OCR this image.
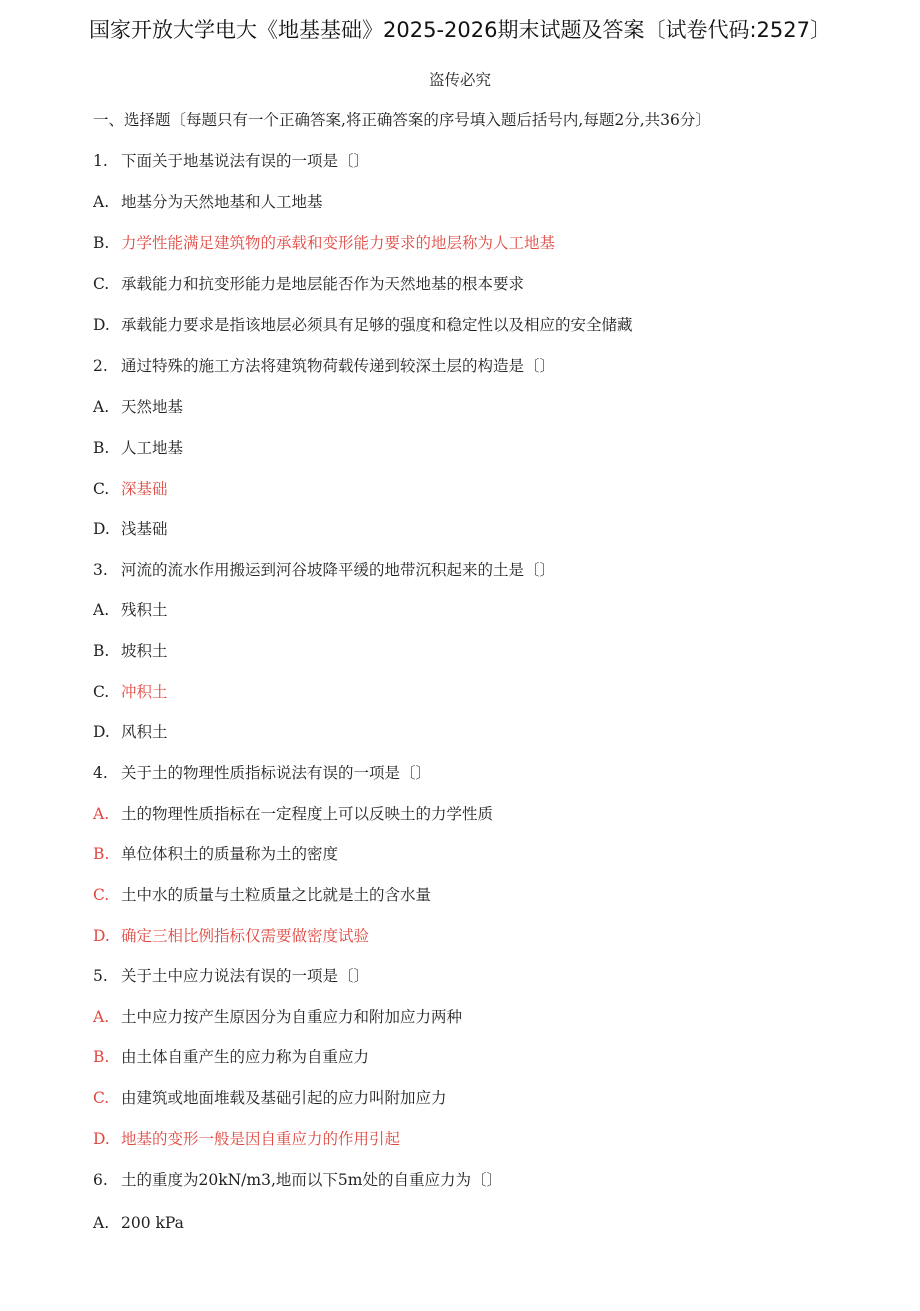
国家开放大学电大《地基基础》2025-2026期末试题及答案〔试卷代码:2527〕
盗传必究
一、选择题〔每题只有一个正确答案,将正确答案的序号填入题后括号内,每题2分,共36分〕
1. 下面关于地基说法有误的一项是〔〕
A. 地基分为天然地基和人工地基
B. 力学性能满足建筑物的承载和变形能力要求的地层称为人工地基
C. 承载能力和抗变形能力是地层能否作为天然地基的根本要求
D. 承载能力要求是指该地层必须具有足够的强度和稳定性以及相应的安全储藏
2. 通过特殊的施工方法将建筑物荷载传递到较深土层的构造是〔〕
A. 天然地基
B. 人工地基
C. 深基础
D. 浅基础
3. 河流的流水作用搬运到河谷坡降平缓的地带沉积起来的土是〔〕
A. 残积土
B. 坡积土
C. 冲积土
D. 风积土
4. 关于土的物理性质指标说法有误的一项是〔〕
A. 土的物理性质指标在一定程度上可以反映土的力学性质
B. 单位体积土的质量称为土的密度
C. 土中水的质量与土粒质量之比就是土的含水量
D. 确定三相比例指标仅需要做密度试验
5. 关于土中应力说法有误的一项是〔〕
A. 土中应力按产生原因分为自重应力和附加应力两种
B. 由土体自重产生的应力称为自重应力
C. 由建筑或地面堆载及基础引起的应力叫附加应力
D. 地基的变形一般是因自重应力的作用引起
6. 土的重度为20kN/m3,地而以下5m处的自重应力为〔〕
A. 200 kPa
